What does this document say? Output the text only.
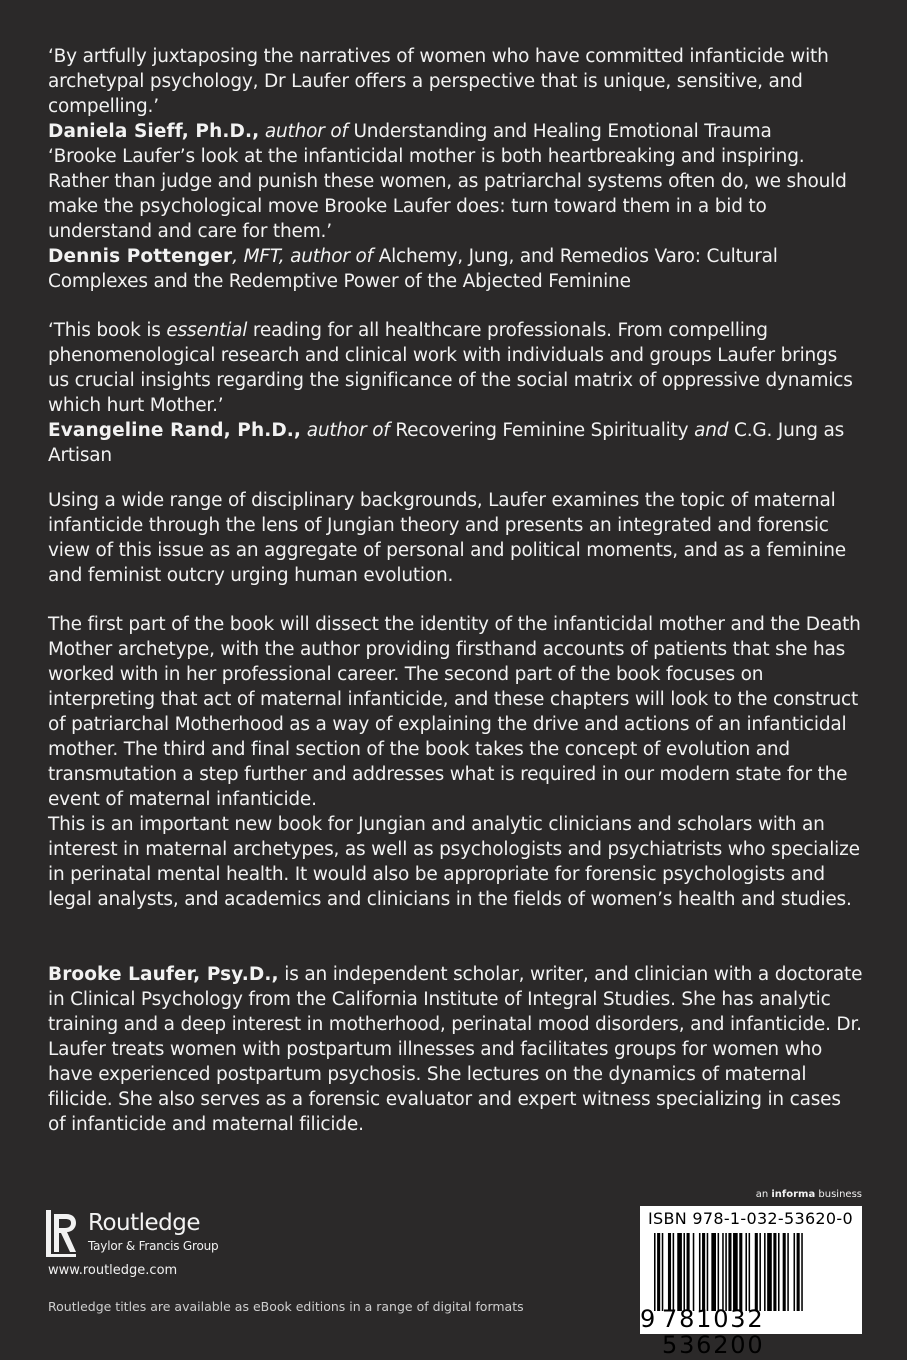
‘By artfully juxtaposing the narratives of women who have committed infanticide with archetypal psychology, Dr Laufer offers a perspective that is unique, sensitive, and compelling.’

Daniela Sieff, Ph.D., author of Understanding and Healing Emotional Trauma

‘Brooke Laufer’s look at the infanticidal mother is both heartbreaking and inspiring. Rather than judge and punish these women, as patriarchal systems often do, we should make the psychological move Brooke Laufer does: turn toward them in a bid to understand and care for them.’

Dennis Pottenger, MFT, author of Alchemy, Jung, and Remedios Varo: Cultural Complexes and the Redemptive Power of the Abjected Feminine

‘This book is essential reading for all healthcare professionals. From compelling phenomenological research and clinical work with individuals and groups Laufer brings us crucial insights regarding the significance of the social matrix of oppressive dynamics which hurt Mother.’

Evangeline Rand, Ph.D., author of Recovering Feminine Spirituality and C.G. Jung as Artisan

Using a wide range of disciplinary backgrounds, Laufer examines the topic of maternal infanticide through the lens of Jungian theory and presents an integrated and forensic view of this issue as an aggregate of personal and political moments, and as a feminine and feminist outcry urging human evolution.

The first part of the book will dissect the identity of the infanticidal mother and the Death Mother archetype, with the author providing firsthand accounts of patients that she has worked with in her professional career. The second part of the book focuses on interpreting that act of maternal infanticide, and these chapters will look to the construct of patriarchal Motherhood as a way of explaining the drive and actions of an infanticidal mother. The third and final section of the book takes the concept of evolution and transmutation a step further and addresses what is required in our modern state for the event of maternal infanticide.

This is an important new book for Jungian and analytic clinicians and scholars with an interest in maternal archetypes, as well as psychologists and psychiatrists who specialize in perinatal mental health. It would also be appropriate for forensic psychologists and legal analysts, and academics and clinicians in the fields of women’s health and studies.

Brooke Laufer, Psy.D., is an independent scholar, writer, and clinician with a doctorate in Clinical Psychology from the California Institute of Integral Studies. She has analytic training and a deep interest in motherhood, perinatal mood disorders, and infanticide. Dr. Laufer treats women with postpartum illnesses and facilitates groups for women who have experienced postpartum psychosis. She lectures on the dynamics of maternal filicide. She also serves as a forensic evaluator and expert witness specializing in cases of infanticide and maternal filicide.

Routledge
Taylor & Francis Group
www.routledge.com
Routledge titles are available as eBook editions in a range of digital formats
an informa business
ISBN 978-1-032-53620-0
9 781032 536200
